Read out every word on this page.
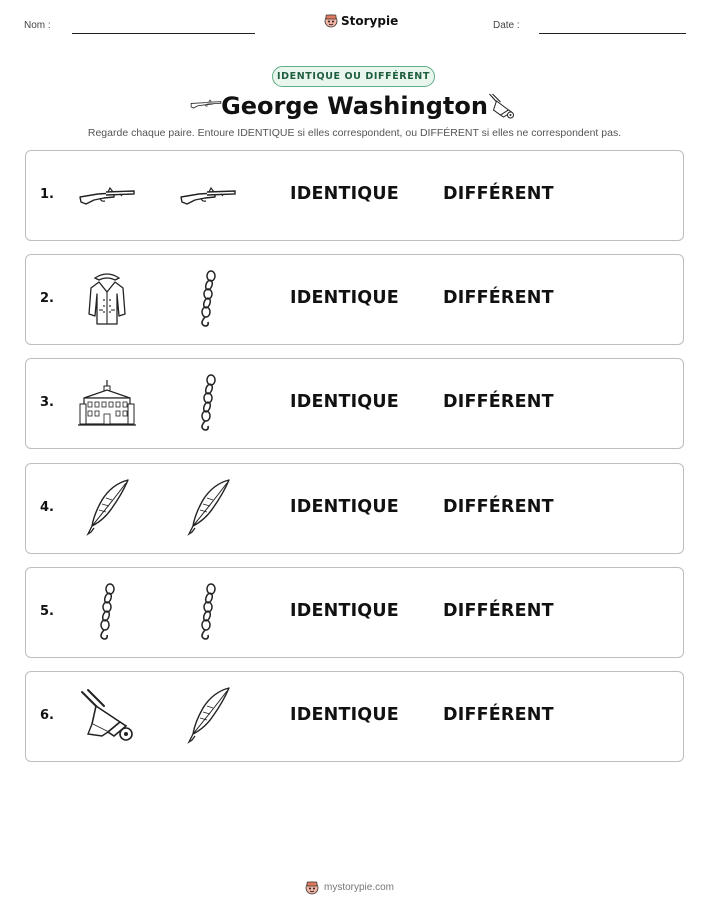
Nom :	Storypie	Date :
IDENTIQUE OU DIFFÉRENT
George Washington
Regarde chaque paire. Entoure IDENTIQUE si elles correspondent, ou DIFFÉRENT si elles ne correspondent pas.
1.	IDENTIQUE	DIFFÉRENT
2.	IDENTIQUE	DIFFÉRENT
3.	IDENTIQUE	DIFFÉRENT
4.	IDENTIQUE	DIFFÉRENT
5.	IDENTIQUE	DIFFÉRENT
6.	IDENTIQUE	DIFFÉRENT
mystorypie.com
